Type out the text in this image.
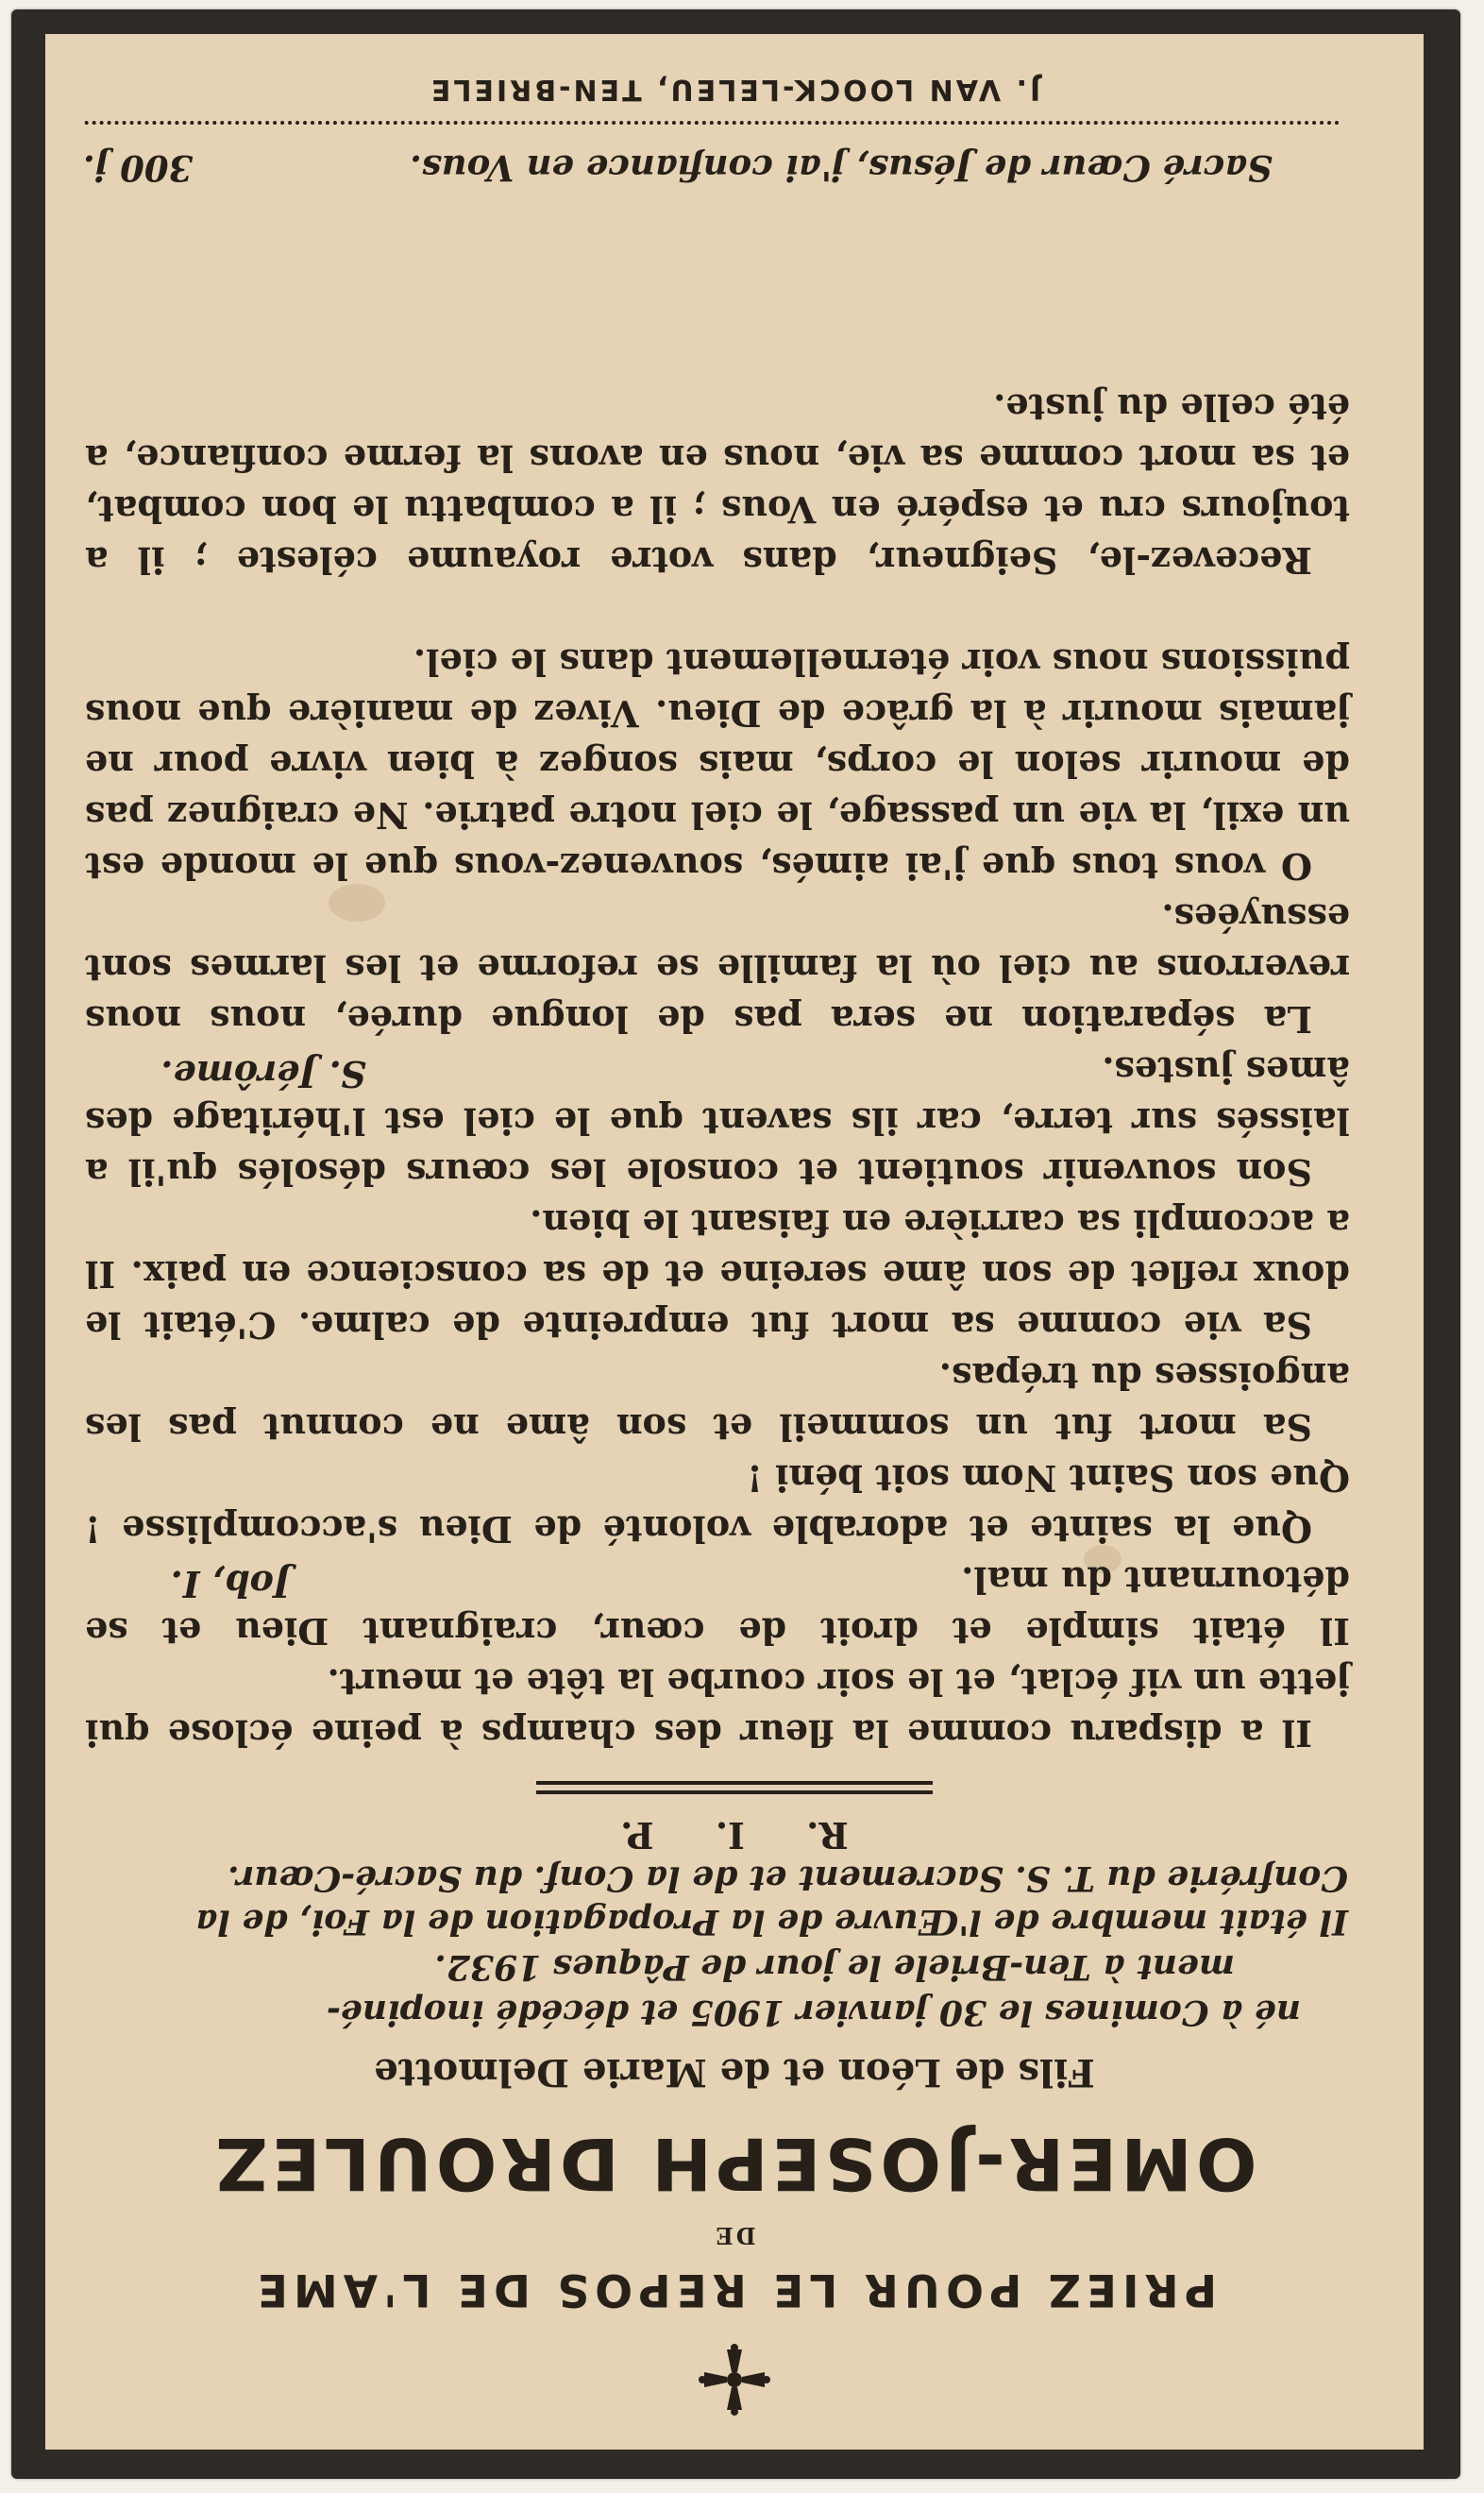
PRIEZ POUR LE REPOS DE L'AME
DE
OMER-JOSEPH DROULEZ
Fils de Léon et de Marie Delmotte
né à Comines le 30 janvier 1905 et décédé inopiné-
ment à Ten-Briele le jour de Pâques 1932.
Il était membre de l'Œuvre de la Propagation de la Foi, de la
Confrérie du T. S. Sacrement et de la Conf. du Sacré-Cœur.
R. I. P.

Il a disparu comme la fleur des champs à peine éclose qui jette un vif éclat, et le soir courbe la tête et meurt.

Il était simple et droit de cœur, craignant Dieu et se détournant du mal.

Job, I.

Que la sainte et adorable volonté de Dieu s'accomplisse ! Que son Saint Nom soit béni !

Sa mort fut un sommeil et son âme ne connut pas les angoisses du trépas.

Sa vie comme sa mort fut empreinte de calme. C'était le doux reflet de son âme sereine et de sa conscience en paix. Il a accompli sa carrière en faisant le bien.

Son souvenir soutient et console les cœurs désolés qu'il a laissés sur terre, car ils savent que le ciel est l'héritage des âmes justes.

S. Jérôme.

La séparation ne sera pas de longue durée, nous nous reverrons au ciel où la famille se reforme et les larmes sont essuyées.

O vous tous que j'ai aimés, souvenez-vous que le monde est un exil, la vie un passage, le ciel notre patrie. Ne craignez pas de mourir selon le corps, mais songez à bien vivre pour ne jamais mourir à la grâce de Dieu. Vivez de manière que nous puissions nous voir éternellement dans le ciel.

Recevez-le, Seigneur, dans votre royaume céleste ; il a toujours cru et espéré en Vous ; il a combattu le bon combat, et sa mort comme sa vie, nous en avons la ferme confiance, a été celle du juste.

Sacré Cœur de Jésus, j'ai confiance en Vous.
300 j.
J. VAN LOOCK-LELEU, TEN-BRIELE
